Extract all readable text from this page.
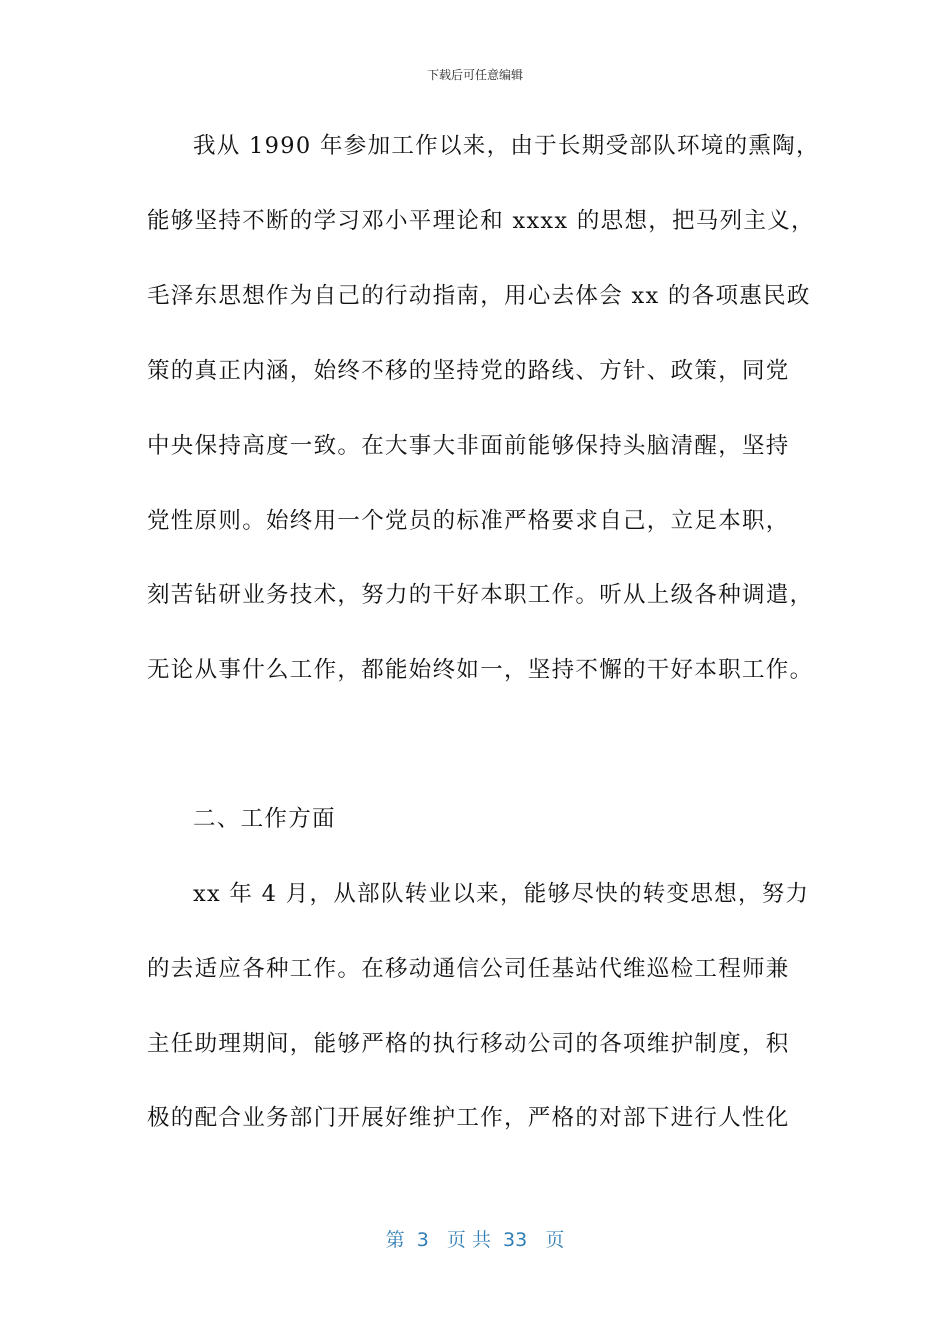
下载后可任意编辑
我从 1990 年参加工作以来，由于长期受部队环境的熏陶，
能够坚持不断的学习邓小平理论和 xxxx 的思想，把马列主义，
毛泽东思想作为自己的行动指南，用心去体会 xx 的各项惠民政
策的真正内涵，始终不移的坚持党的路线、方针、政策，同党
中央保持高度一致。在大事大非面前能够保持头脑清醒，坚持
党性原则。始终用一个党员的标准严格要求自己，立足本职，
刻苦钻研业务技术，努力的干好本职工作。听从上级各种调遣，
无论从事什么工作，都能始终如一，坚持不懈的干好本职工作。
二、工作方面
xx 年 4 月，从部队转业以来，能够尽快的转变思想，努力
的去适应各种工作。在移动通信公司任基站代维巡检工程师兼
主任助理期间，能够严格的执行移动公司的各项维护制度，积
极的配合业务部门开展好维护工作，严格的对部下进行人性化
第  3   页 共  33   页
